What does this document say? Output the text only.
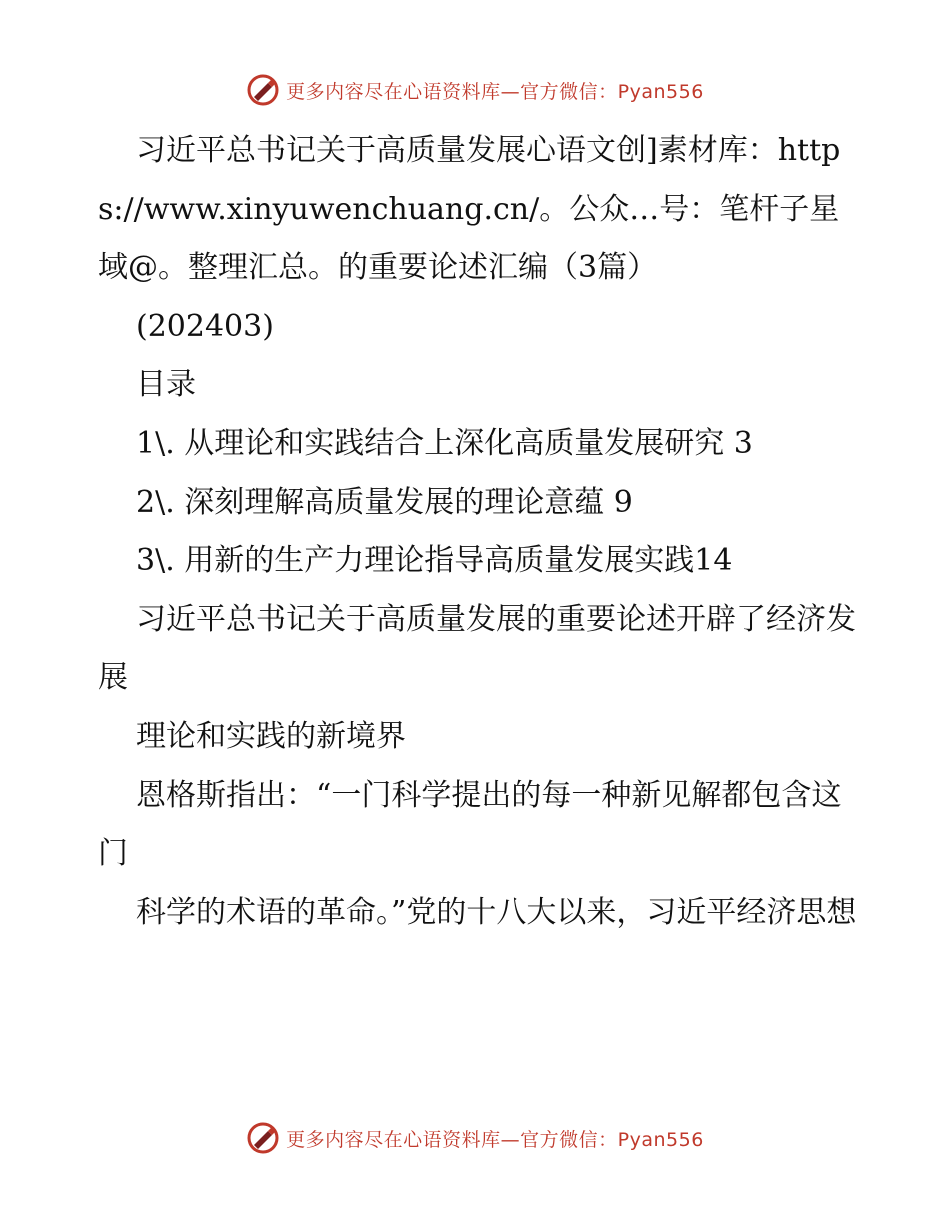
更多内容尽在心语资料库—官方微信：Pyan556

习近平总书记关于高质量发展心语文创]素材库：https://www.xinyuwenchuang.cn/。公众…号：笔杆子星域@。整理汇总。的重要论述汇编（3篇）

(202403)

目录

1\. 从理论和实践结合上深化高质量发展研究 3

2\. 深刻理解高质量发展的理论意蕴 9

3\. 用新的生产力理论指导高质量发展实践14

习近平总书记关于高质量发展的重要论述开辟了经济发展

理论和实践的新境界

恩格斯指出：“一门科学提出的每一种新见解都包含这门

科学的术语的革命。”党的十八大以来，习近平经济思想

更多内容尽在心语资料库—官方微信：Pyan556
